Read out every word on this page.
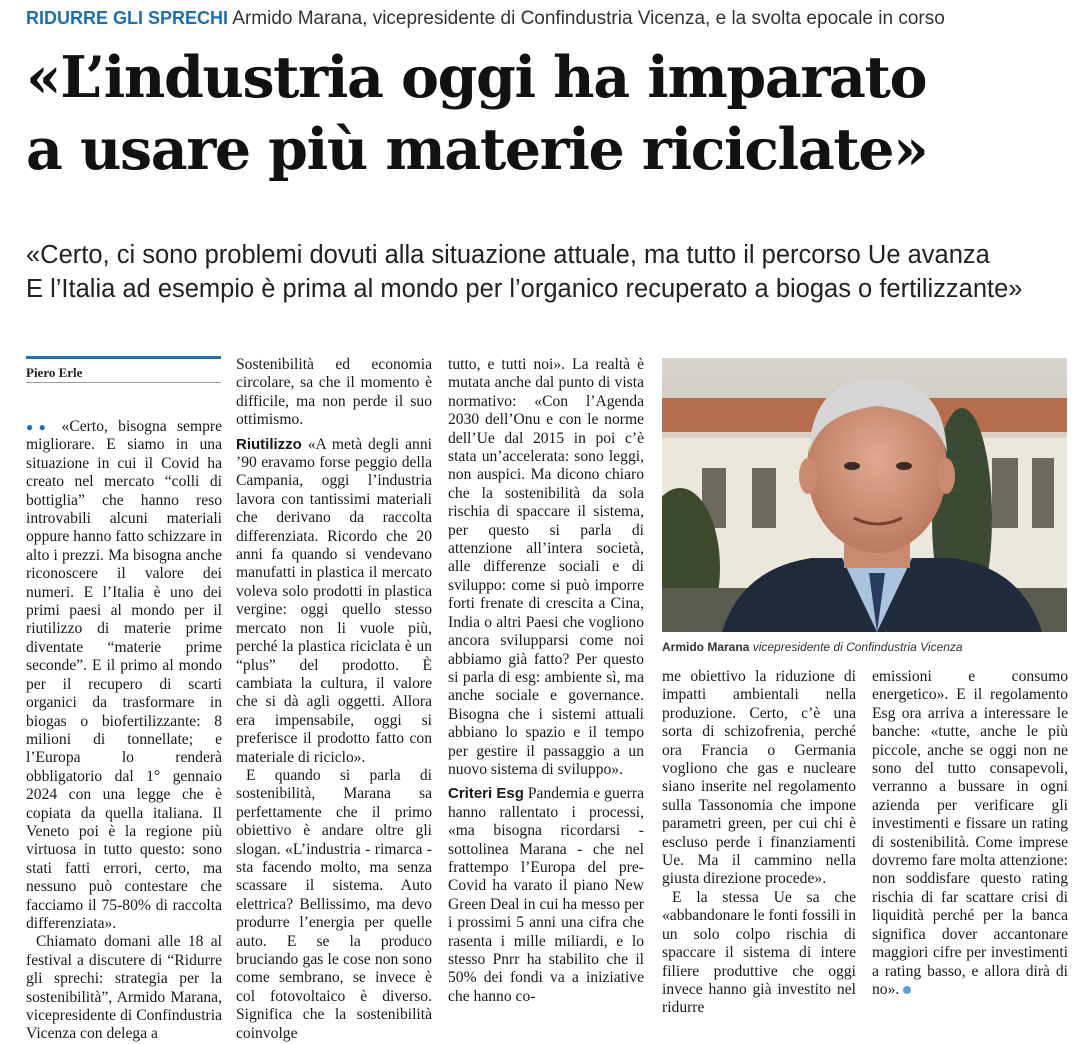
RIDURRE GLI SPRECHI Armido Marana, vicepresidente di Confindustria Vicenza, e la svolta epocale in corso
«L’industria oggi ha imparato
a usare più materie riciclate»
«Certo, ci sono problemi dovuti alla situazione attuale, ma tutto il percorso Ue avanza
E l’Italia ad esempio è prima al mondo per l’organico recuperato a biogas o fertilizzante»
Piero Erle

●● «Certo, bisogna sempre migliorare. E siamo in una situazione in cui il Covid ha creato nel mercato “colli di bottiglia” che hanno reso introvabili alcuni materiali oppure hanno fatto schizzare in alto i prezzi. Ma bisogna anche riconoscere il valore dei numeri. E l’Italia è uno dei primi paesi al mondo per il riutilizzo di materie prime diventate “materie prime seconde”. E il primo al mondo per il recupero di scarti organici da trasformare in biogas o biofertilizzante: 8 milioni di tonnellate; e l’Europa lo renderà obbligatorio dal 1° gennaio 2024 con una legge che è copiata da quella italiana. Il Veneto poi è la regione più virtuosa in tutto questo: sono stati fatti errori, certo, ma nessuno può contestare che facciamo il 75-80% di raccolta differenziata».

Chiamato domani alle 18 al festival a discutere di “Ridurre gli sprechi: strategia per la sostenibilità”, Armido Marana, vicepresidente di Confindustria Vicenza con delega a

Sostenibilità ed economia circolare, sa che il momento è difficile, ma non perde il suo ottimismo.

Riutilizzo «A metà degli anni ’90 eravamo forse peggio della Campania, oggi l’industria lavora con tantissimi materiali che derivano da raccolta differenziata. Ricordo che 20 anni fa quando si vendevano manufatti in plastica il mercato voleva solo prodotti in plastica vergine: oggi quello stesso mercato non li vuole più, perché la plastica riciclata è un “plus” del prodotto. È cambiata la cultura, il valore che si dà agli oggetti. Allora era impensabile, oggi si preferisce il prodotto fatto con materiale di riciclo».

E quando si parla di sostenibilità, Marana sa perfettamente che il primo obiettivo è andare oltre gli slogan. «L’industria - rimarca - sta facendo molto, ma senza scassare il sistema. Auto elettrica? Bellissimo, ma devo produrre l’energia per quelle auto. E se la produco bruciando gas le cose non sono come sembrano, se invece è col fotovoltaico è diverso. Significa che la sostenibilità coinvolge

tutto, e tutti noi». La realtà è mutata anche dal punto di vista normativo: «Con l’Agenda 2030 dell’Onu e con le norme dell’Ue dal 2015 in poi c’è stata un’accelerata: sono leggi, non auspici. Ma dicono chiaro che la sostenibilità da sola rischia di spaccare il sistema, per questo si parla di attenzione all’intera società, alle differenze sociali e di sviluppo: come si può imporre forti frenate di crescita a Cina, India o altri Paesi che vogliono ancora svilupparsi come noi abbiamo già fatto? Per questo si parla di esg: ambiente sì, ma anche sociale e governance. Bisogna che i sistemi attuali abbiano lo spazio e il tempo per gestire il passaggio a un nuovo sistema di sviluppo».

Criteri Esg Pandemia e guerra hanno rallentato i processi, «ma bisogna ricordarsi - sottolinea Marana - che nel frattempo l’Europa del pre-Covid ha varato il piano New Green Deal in cui ha messo per i prossimi 5 anni una cifra che rasenta i mille miliardi, e lo stesso Pnrr ha stabilito che il 50% dei fondi va a iniziative che hanno co-

Armido Marana vicepresidente di Confindustria Vicenza

me obiettivo la riduzione di impatti ambientali nella produzione. Certo, c’è una sorta di schizofrenia, perché ora Francia o Germania vogliono che gas e nucleare siano inserite nel regolamento sulla Tassonomia che impone parametri green, per cui chi è escluso perde i finanziamenti Ue. Ma il cammino nella giusta direzione procede».

E la stessa Ue sa che «abbandonare le fonti fossili in un solo colpo rischia di spaccare il sistema di intere filiere produttive che oggi invece hanno già investito nel ridurre

emissioni e consumo energetico». E il regolamento Esg ora arriva a interessare le banche: «tutte, anche le più piccole, anche se oggi non ne sono del tutto consapevoli, verranno a bussare in ogni azienda per verificare gli investimenti e fissare un rating di sostenibilità. Come imprese dovremo fare molta attenzione: non soddisfare questo rating rischia di far scattare crisi di liquidità perché per la banca significa dover accantonare maggiori cifre per investimenti a rating basso, e allora dirà di no».
